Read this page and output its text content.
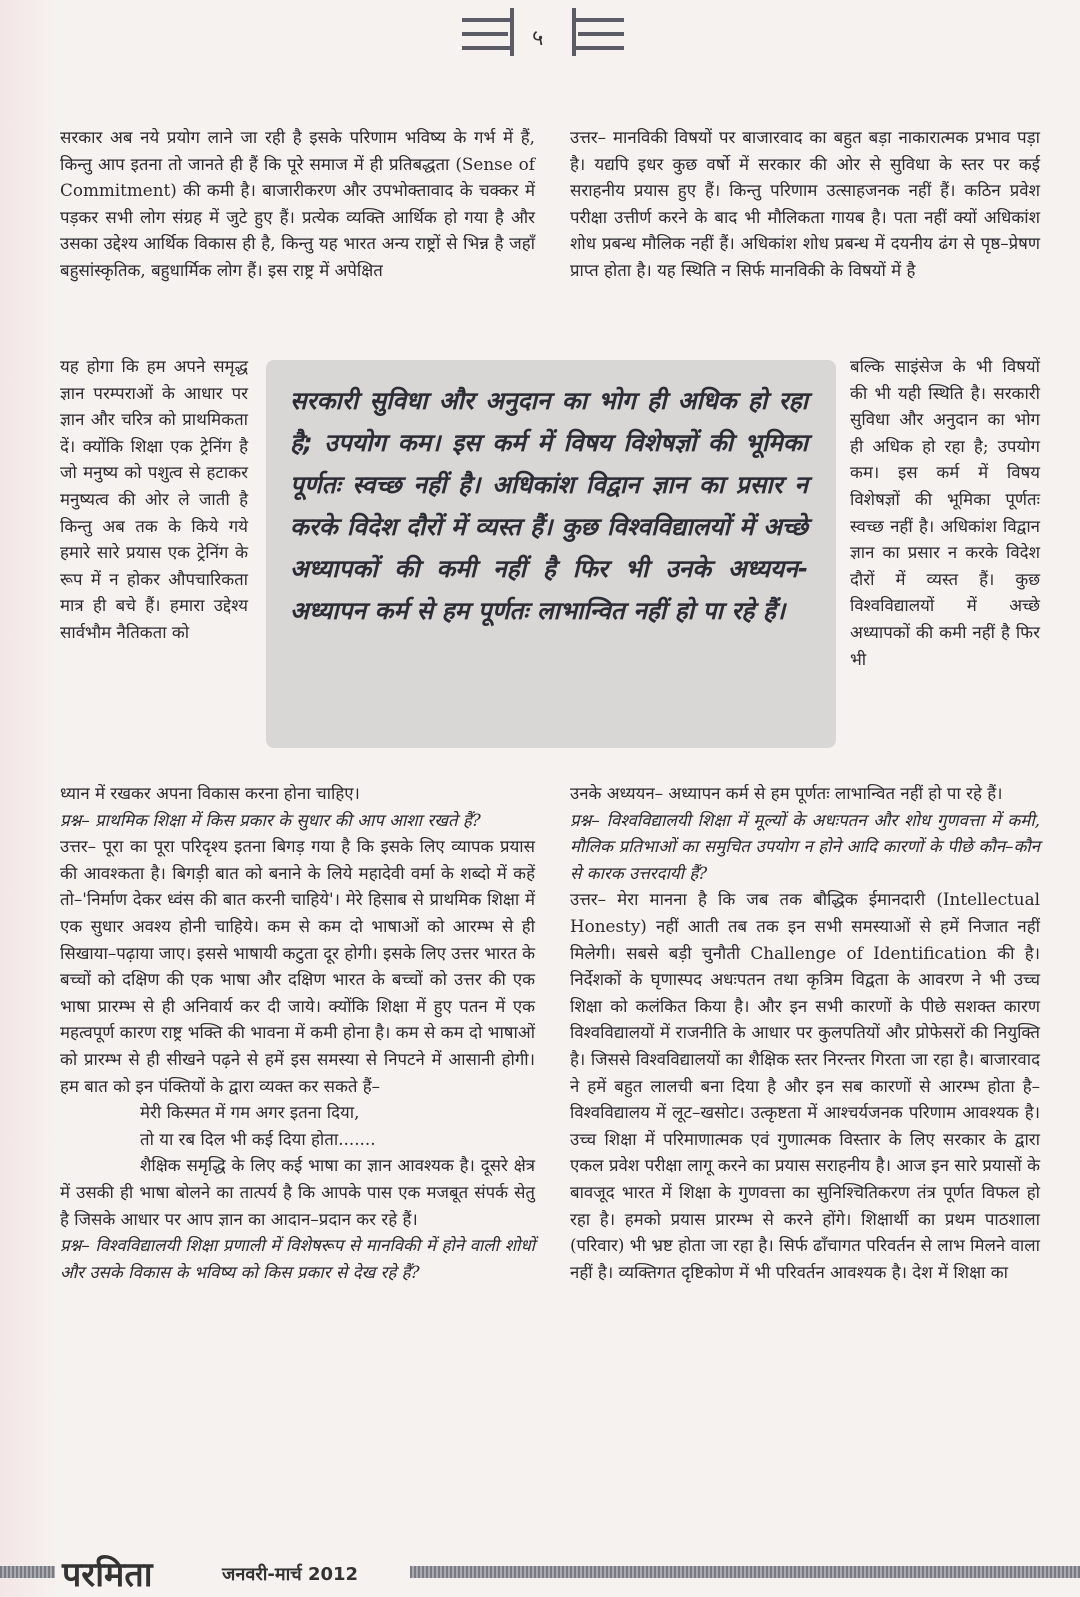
५

सरकार अब नये प्रयोग लाने जा रही है इसके परिणाम भविष्य के गर्भ में हैं, किन्तु आप इतना तो जानते ही हैं कि पूरे समाज में ही प्रतिबद्धता (Sense of Commitment) की कमी है। बाजारीकरण और उपभोक्तावाद के चक्कर में पड़कर सभी लोग संग्रह में जुटे हुए हैं। प्रत्येक व्यक्ति आर्थिक हो गया है और उसका उद्देश्य आर्थिक विकास ही है, किन्तु यह भारत अन्य राष्ट्रों से भिन्न है जहाँ बहुसांस्कृतिक, बहुधार्मिक लोग हैं। इस राष्ट्र में अपेक्षित

उत्तर– मानविकी विषयों पर बाजारवाद का बहुत बड़ा नाकारात्मक प्रभाव पड़ा है। यद्यपि इधर कुछ वर्षो में सरकार की ओर से सुविधा के स्तर पर कई सराहनीय प्रयास हुए हैं। किन्तु परिणाम उत्साहजनक नहीं हैं। कठिन प्रवेश परीक्षा उत्तीर्ण करने के बाद भी मौलिकता गायब है। पता नहीं क्यों अधिकांश शोध प्रबन्ध मौलिक नहीं हैं। अधिकांश शोध प्रबन्ध में दयनीय ढंग से पृष्ठ–प्रेषण प्राप्त होता है। यह स्थिति न सिर्फ मानविकी के विषयों में है

यह होगा कि हम अपने समृद्ध ज्ञान परम्पराओं के आधार पर ज्ञान और चरित्र को प्राथमिकता दें। क्योंकि शिक्षा एक ट्रेनिंग है जो मनुष्य को पशुत्व से हटाकर मनुष्यत्व की ओर ले जाती है किन्तु अब तक के किये गये हमारे सारे प्रयास एक ट्रेनिंग के रूप में न होकर औपचारिकता मात्र ही बचे हैं। हमारा उद्देश्य सार्वभौम नैतिकता को

सरकारी सुविधा और अनुदान का भोग ही अधिक हो रहा है; उपयोग कम। इस कर्म में विषय विशेषज्ञों की भूमिका पूर्णतः स्वच्छ नहीं है। अधिकांश विद्वान ज्ञान का प्रसार न करके विदेश दौरों में व्यस्त हैं। कुछ विश्वविद्यालयों में अच्छे अध्यापकों की कमी नहीं है फिर भी उनके अध्ययन- अध्यापन कर्म से हम पूर्णतः लाभान्वित नहीं हो पा रहे हैं।

बल्कि साइंसेज के भी विषयों की भी यही स्थिति है। सरकारी सुविधा और अनुदान का भोग ही अधिक हो रहा है; उपयोग कम। इस कर्म में विषय विशेषज्ञों की भूमिका पूर्णतः स्वच्छ नहीं है। अधिकांश विद्वान ज्ञान का प्रसार न करके विदेश दौरों में व्यस्त हैं। कुछ विश्वविद्यालयों में अच्छे अध्यापकों की कमी नहीं है फिर भी

ध्यान में रखकर अपना विकास करना होना चाहिए।

प्रश्न– प्राथमिक शिक्षा में किस प्रकार के सुधार की आप आशा रखते हैं?

उत्तर– पूरा का पूरा परिदृश्य इतना बिगड़ गया है कि इसके लिए व्यापक प्रयास की आवश्कता है। बिगड़ी बात को बनाने के लिये महादेवी वर्मा के शब्दो में कहें तो–'निर्माण देकर ध्वंस की बात करनी चाहिये'। मेरे हिसाब से प्राथमिक शिक्षा में एक सुधार अवश्य होनी चाहिये। कम से कम दो भाषाओं को आरम्भ से ही सिखाया–पढ़ाया जाए। इससे भाषायी कटुता दूर होगी। इसके लिए उत्तर भारत के बच्चों को दक्षिण की एक भाषा और दक्षिण भारत के बच्चों को उत्तर की एक भाषा प्रारम्भ से ही अनिवार्य कर दी जाये। क्योंकि शिक्षा में हुए पतन में एक महत्वपूर्ण कारण राष्ट्र भक्ति की भावना में कमी होना है। कम से कम दो भाषाओं को प्रारम्भ से ही सीखने पढ़ने से हमें इस समस्या से निपटने में आसानी होगी। हम बात को इन पंक्तियों के द्वारा व्यक्त कर सकते हैं–

मेरी किस्मत में गम अगर इतना दिया,

तो या रब दिल भी कई दिया होता.......

शैक्षिक समृद्धि के लिए कई भाषा का ज्ञान आवश्यक है। दूसरे क्षेत्र में उसकी ही भाषा बोलने का तात्पर्य है कि आपके पास एक मजबूत संपर्क सेतु है जिसके आधार पर आप ज्ञान का आदान–प्रदान कर रहे हैं।

प्रश्न– विश्वविद्यालयी शिक्षा प्रणाली में विशेषरूप से मानविकी में होने वाली शोधों और उसके विकास के भविष्य को किस प्रकार से देख रहे हैं?

उनके अध्ययन– अध्यापन कर्म से हम पूर्णतः लाभान्वित नहीं हो पा रहे हैं।

प्रश्न– विश्वविद्यालयी शिक्षा में मूल्यों के अधःपतन और शोध गुणवत्ता में कमी, मौलिक प्रतिभाओं का समुचित उपयोग न होने आदि कारणों के पीछे कौन–कौन से कारक उत्तरदायी हैं?

उत्तर– मेरा मानना है कि जब तक बौद्धिक ईमानदारी (Intellectual Honesty) नहीं आती तब तक इन सभी समस्याओं से हमें निजात नहीं मिलेगी। सबसे बड़ी चुनौती Challenge of Identification की है। निर्देशकों के घृणास्पद अधःपतन तथा कृत्रिम विद्वता के आवरण ने भी उच्च शिक्षा को कलंकित किया है। और इन सभी कारणों के पीछे सशक्त कारण विश्वविद्यालयों में राजनीति के आधार पर कुलपतियों और प्रोफेसरों की नियुक्ति है। जिससे विश्वविद्यालयों का शैक्षिक स्तर निरन्तर गिरता जा रहा है। बाजारवाद ने हमें बहुत लालची बना दिया है और इन सब कारणों से आरम्भ होता है– विश्वविद्यालय में लूट–खसोट। उत्कृष्टता में आश्चर्यजनक परिणाम आवश्यक है। उच्च शिक्षा में परिमाणात्मक एवं गुणात्मक विस्तार के लिए सरकार के द्वारा एकल प्रवेश परीक्षा लागू करने का प्रयास सराहनीय है। आज इन सारे प्रयासों के बावजूद भारत में शिक्षा के गुणवत्ता का सुनिश्चितिकरण तंत्र पूर्णत विफल हो रहा है। हमको प्रयास प्रारम्भ से करने होंगे। शिक्षार्थी का प्रथम पाठशाला (परिवार) भी भ्रष्ट होता जा रहा है। सिर्फ ढाँचागत परिवर्तन से लाभ मिलने वाला नहीं है। व्यक्तिगत दृष्टिकोण में भी परिवर्तन आवश्यक है। देश में शिक्षा का

परमिता	जनवरी-मार्च 2012
